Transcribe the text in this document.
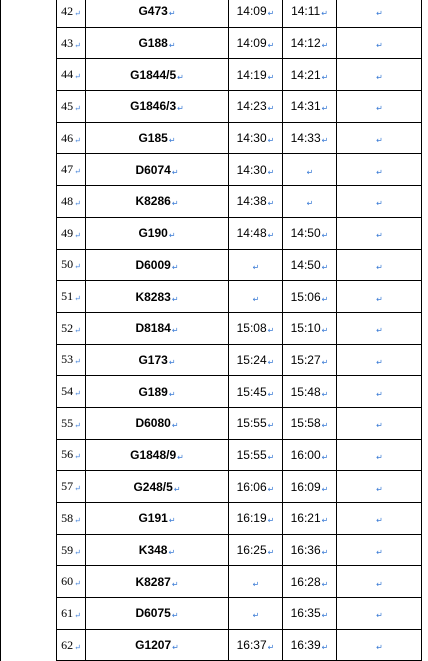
42↵	G473↵	14:09↵	14:11↵	↵
43↵	G188↵	14:09↵	14:12↵	↵
44↵	G1844/5↵	14:19↵	14:21↵	↵
45↵	G1846/3↵	14:23↵	14:31↵	↵
46↵	G185↵	14:30↵	14:33↵	↵
47↵	D6074↵	14:30↵	↵	↵
48↵	K8286↵	14:38↵	↵	↵
49↵	G190↵	14:48↵	14:50↵	↵
50↵	D6009↵	↵	14:50↵	↵
51↵	K8283↵	↵	15:06↵	↵
52↵	D8184↵	15:08↵	15:10↵	↵
53↵	G173↵	15:24↵	15:27↵	↵
54↵	G189↵	15:45↵	15:48↵	↵
55↵	D6080↵	15:55↵	15:58↵	↵
56↵	G1848/9↵	15:55↵	16:00↵	↵
57↵	G248/5↵	16:06↵	16:09↵	↵
58↵	G191↵	16:19↵	16:21↵	↵
59↵	K348↵	16:25↵	16:36↵	↵
60↵	K8287↵	↵	16:28↵	↵
61↵	D6075↵	↵	16:35↵	↵
62↵	G1207↵	16:37↵	16:39↵	↵
